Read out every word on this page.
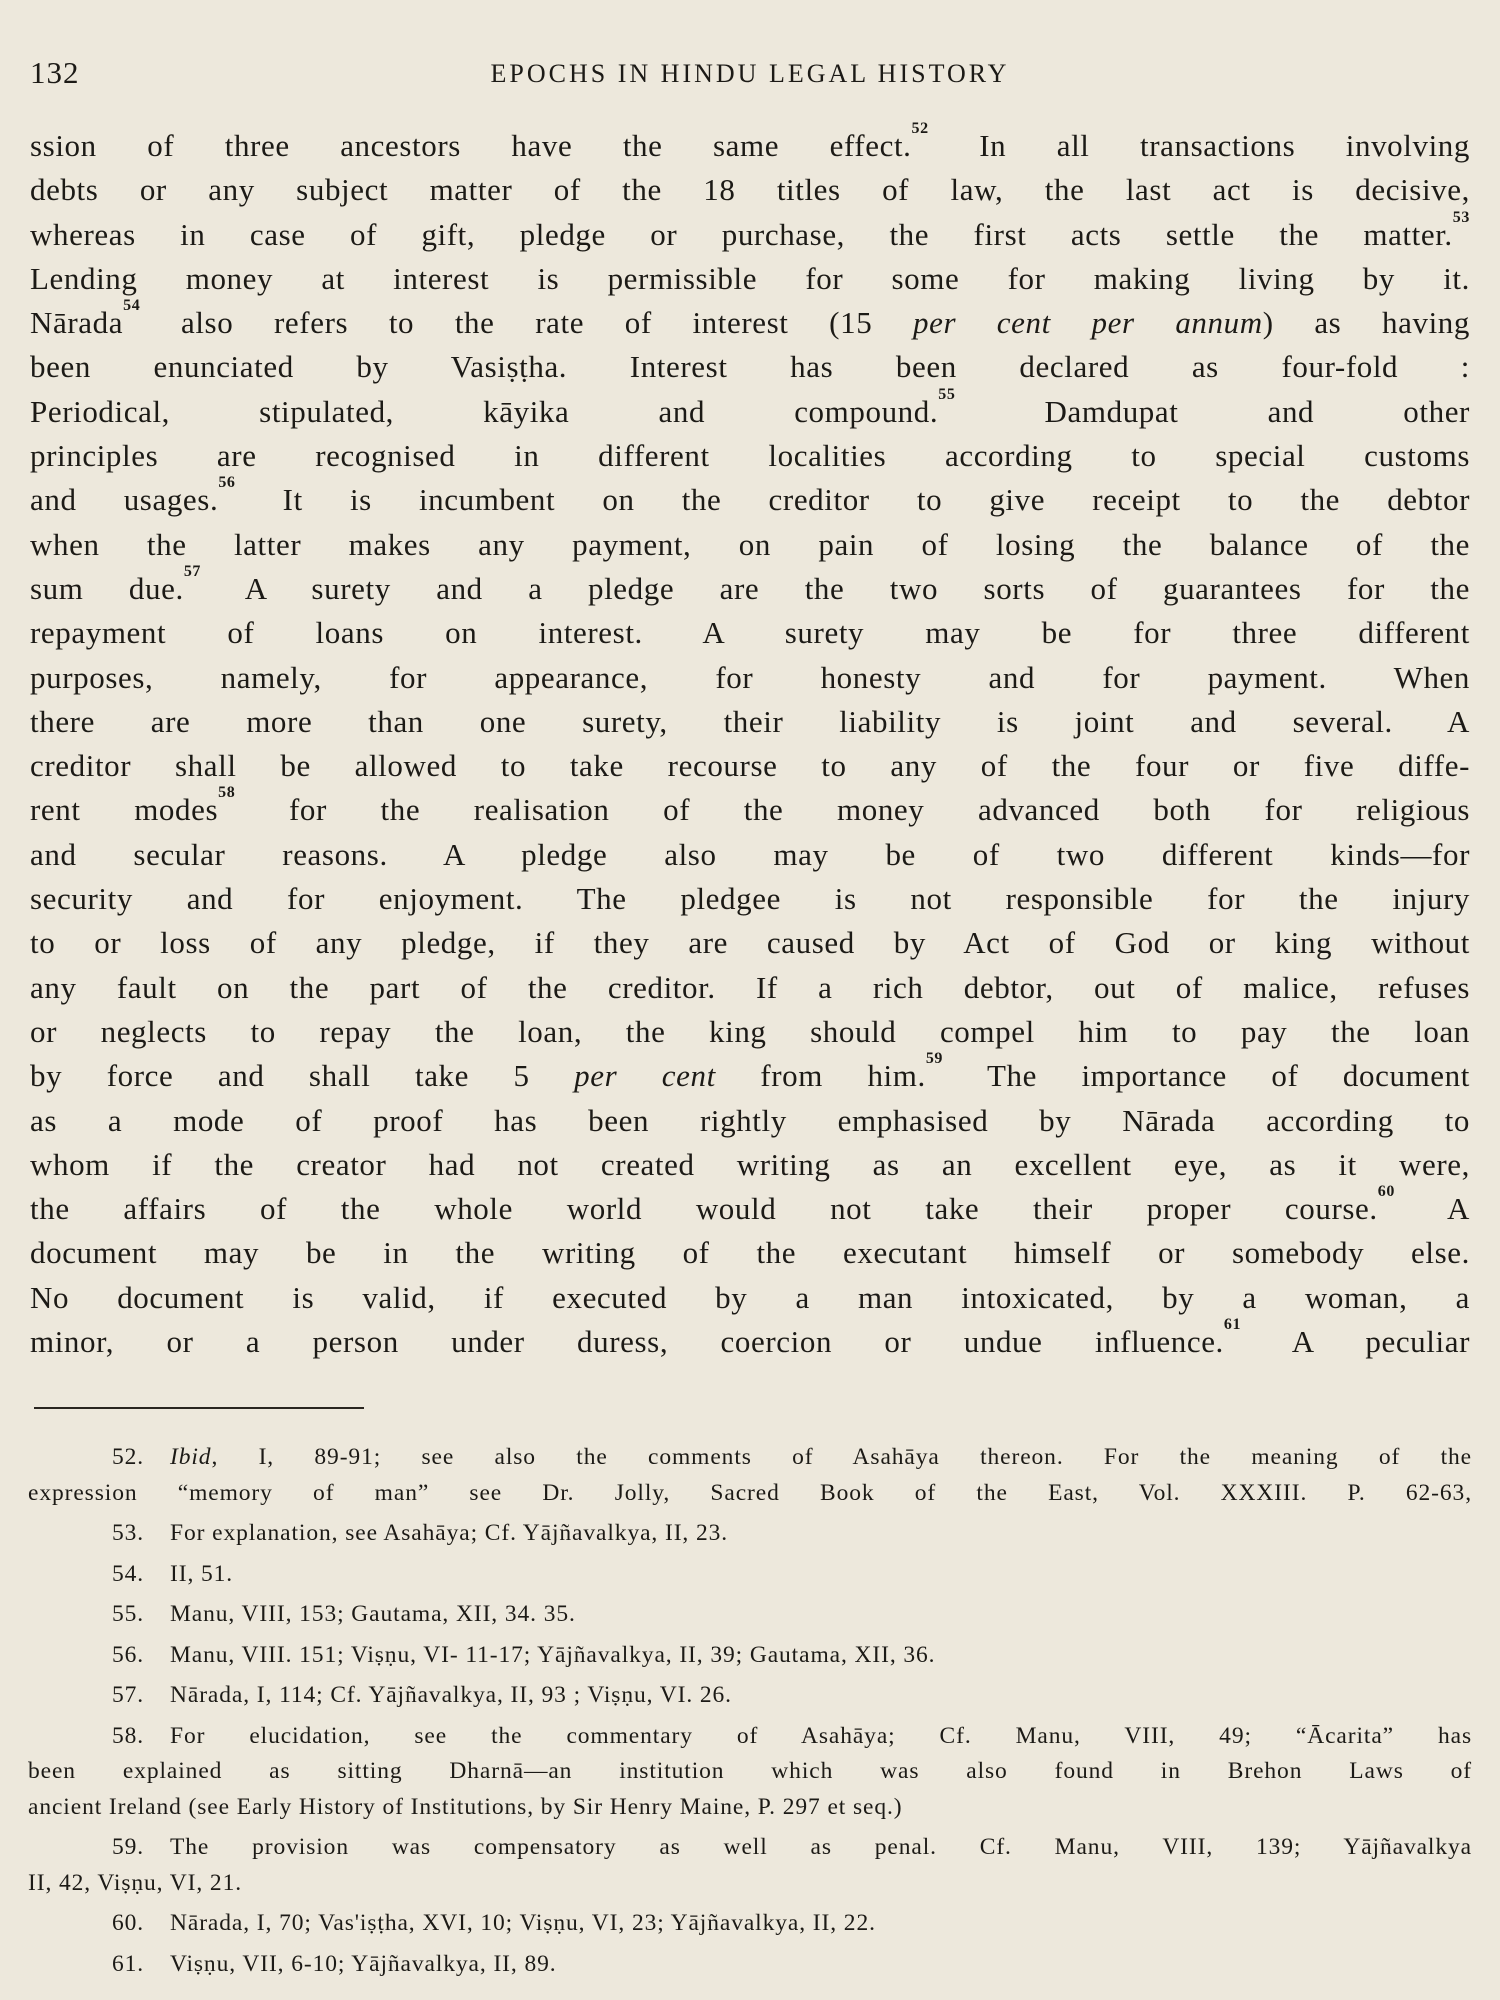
132	EPOCHS IN HINDU LEGAL HISTORY
ssion of three ancestors have the same effect.$^{52}$ In all transactions involving
debts or any subject matter of the 18 titles of law, the last act is decisive,
whereas in case of gift, pledge or purchase, the first acts settle the matter.$^{53}$
Lending money at interest is permissible for some for making living by it.
Nārada$^{54}$ also refers to the rate of interest (15 per cent per annum) as having
been enunciated by Vasiṣṭha. Interest has been declared as four-fold :
Periodical, stipulated, kāyika and compound.$^{55}$ Damdupat and other
principles are recognised in different localities according to special customs
and usages.$^{56}$ It is incumbent on the creditor to give receipt to the debtor
when the latter makes any payment, on pain of losing the balance of the
sum due.$^{57}$ A surety and a pledge are the two sorts of guarantees for the
repayment of loans on interest. A surety may be for three different
purposes, namely, for appearance, for honesty and for payment. When
there are more than one surety, their liability is joint and several. A
creditor shall be allowed to take recourse to any of the four or five diffe-
rent modes$^{58}$ for the realisation of the money advanced both for religious
and secular reasons. A pledge also may be of two different kinds—for
security and for enjoyment. The pledgee is not responsible for the injury
to or loss of any pledge, if they are caused by Act of God or king without
any fault on the part of the creditor. If a rich debtor, out of malice, refuses
or neglects to repay the loan, the king should compel him to pay the loan
by force and shall take 5 per cent from him.$^{59}$ The importance of document
as a mode of proof has been rightly emphasised by Nārada according to
whom if the creator had not created writing as an excellent eye, as it were,
the affairs of the whole world would not take their proper course.$^{60}$ A
document may be in the writing of the executant himself or somebody else.
No document is valid, if executed by a man intoxicated, by a woman, a
minor, or a person under duress, coercion or undue influence.$^{61}$ A peculiar
52. Ibid, I, 89-91; see also the comments of Asahāya thereon. For the meaning of the
expression “memory of man” see Dr. Jolly, Sacred Book of the East, Vol. XXXIII. P. 62-63,
53. For explanation, see Asahāya; Cf. Yājñavalkya, II, 23.
54. II, 51.
55. Manu, VIII, 153; Gautama, XII, 34. 35.
56. Manu, VIII. 151; Viṣṇu, VI- 11-17; Yājñavalkya, II, 39; Gautama, XII, 36.
57. Nārada, I, 114; Cf. Yājñavalkya, II, 93 ; Viṣṇu, VI. 26.
58. For elucidation, see the commentary of Asahāya; Cf. Manu, VIII, 49; “Ācarita” has
been explained as sitting Dharnā—an institution which was also found in Brehon Laws of
ancient Ireland (see Early History of Institutions, by Sir Henry Maine, P. 297 et seq.)
59. The provision was compensatory as well as penal. Cf. Manu, VIII, 139; Yājñavalkya
II, 42, Viṣṇu, VI, 21.
60. Nārada, I, 70; Vas'iṣṭha, XVI, 10; Viṣṇu, VI, 23; Yājñavalkya, II, 22.
61. Viṣṇu, VII, 6-10; Yājñavalkya, II, 89.
